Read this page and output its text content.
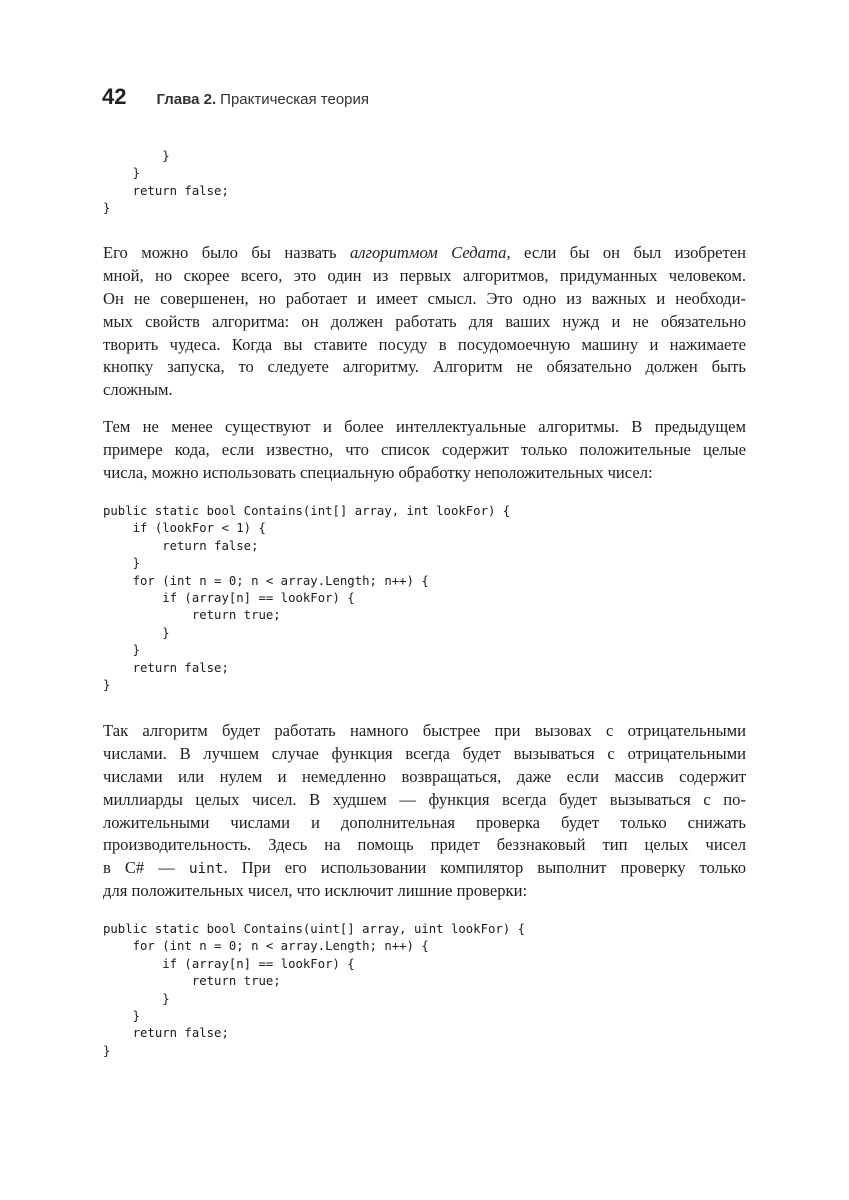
42 Глава 2. Практическая теория
}
}
return false;
}
Его можно было бы назвать алгоритмом Седата, если бы он был изобретен
мной, но скорее всего, это один из первых алгоритмов, придуманных человеком.
Он не совершенен, но работает и имеет смысл. Это одно из важных и необходи-
мых свойств алгоритма: он должен работать для ваших нужд и не обязательно
творить чудеса. Когда вы ставите посуду в посудомоечную машину и нажимаете
кнопку запуска, то следуете алгоритму. Алгоритм не обязательно должен быть
сложным.
Тем не менее существуют и более интеллектуальные алгоритмы. В предыдущем
примере кода, если известно, что список содержит только положительные целые
числа, можно использовать специальную обработку неположительных чисел:
public static bool Contains(int[] array, int lookFor) {
if (lookFor < 1) {
return false;
}
for (int n = 0; n < array.Length; n++) {
if (array[n] == lookFor) {
return true;
}
}
return false;
}
Так алгоритм будет работать намного быстрее при вызовах с отрицательными
числами. В лучшем случае функция всегда будет вызываться с отрицательными
числами или нулем и немедленно возвращаться, даже если массив содержит
миллиарды целых чисел. В худшем — функция всегда будет вызываться с по-
ложительными числами и дополнительная проверка будет только снижать
производительность. Здесь на помощь придет беззнаковый тип целых чисел
в C# — uint. При его использовании компилятор выполнит проверку только
для положительных чисел, что исключит лишние проверки:
public static bool Contains(uint[] array, uint lookFor) {
for (int n = 0; n < array.Length; n++) {
if (array[n] == lookFor) {
return true;
}
}
return false;
}
